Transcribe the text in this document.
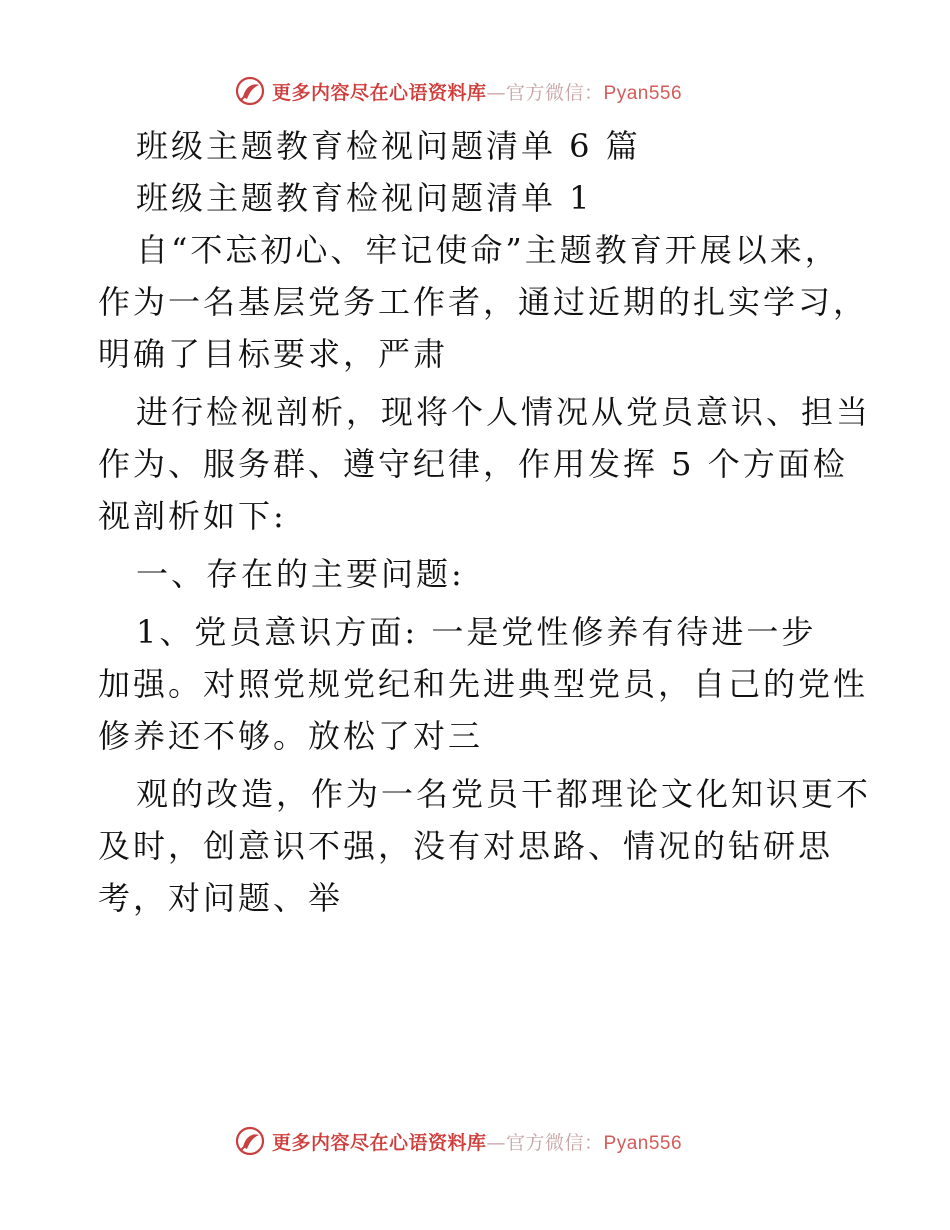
更多内容尽在心语资料库—官方微信：Pyan556

班级主题教育检视问题清单 6 篇

班级主题教育检视问题清单 1

自“不忘初心、牢记使命”主题教育开展以来，

作为一名基层党务工作者，通过近期的扎实学习，

明确了目标要求，严肃

进行检视剖析，现将个人情况从党员意识、担当

作为、服务群、遵守纪律，作用发挥 5 个方面检

视剖析如下:

一、存在的主要问题:

1、党员意识方面: 一是党性修养有待进一步

加强。对照党规党纪和先进典型党员，自己的党性

修养还不够。放松了对三

观的改造，作为一名党员干都理论文化知识更不

及时，创意识不强，没有对思路、情况的钻研思

考，对问题、举

更多内容尽在心语资料库—官方微信：Pyan556
